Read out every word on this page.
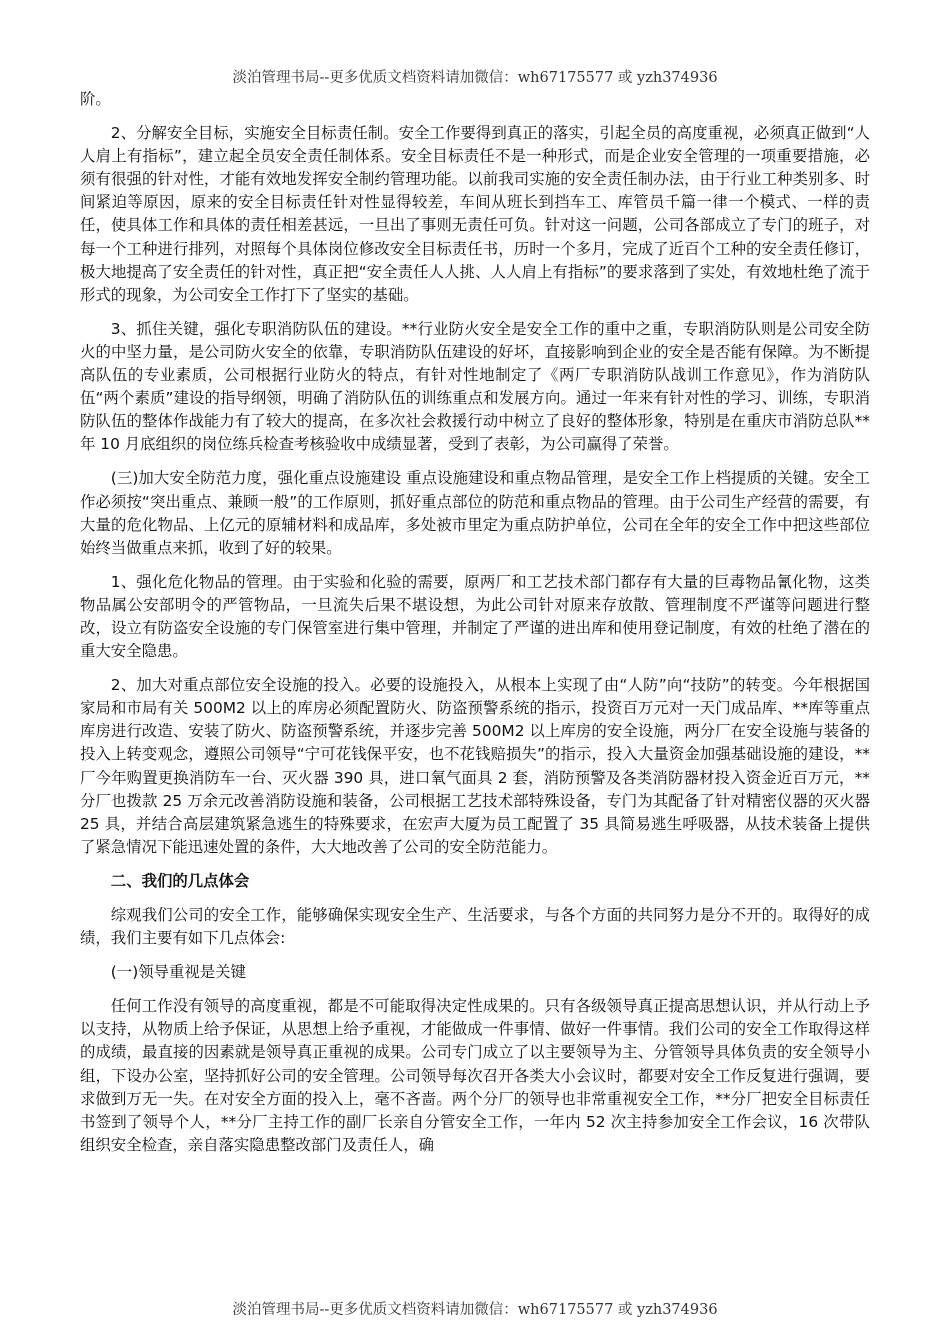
淡泊管理书局--更多优质文档资料请加微信：wh67175577 或 yzh374936

阶。

2、分解安全目标，实施安全目标责任制。安全工作要得到真正的落实，引起全员的高度重视，必须真正做到“人人肩上有指标”，建立起全员安全责任制体系。安全目标责任不是一种形式，而是企业安全管理的一项重要措施，必须有很强的针对性，才能有效地发挥安全制约管理功能。以前我司实施的安全责任制办法，由于行业工种类别多、时间紧迫等原因，原来的安全目标责任针对性显得较差，车间从班长到挡车工、库管员千篇一律一个模式、一样的责任，使具体工作和具体的责任相差甚远，一旦出了事则无责任可负。针对这一问题，公司各部成立了专门的班子，对每一个工种进行排列，对照每个具体岗位修改安全目标责任书，历时一个多月，完成了近百个工种的安全责任修订，极大地提高了安全责任的针对性，真正把“安全责任人人挑、人人肩上有指标”的要求落到了实处，有效地杜绝了流于形式的现象，为公司安全工作打下了坚实的基础。

3、抓住关键，强化专职消防队伍的建设。**行业防火安全是安全工作的重中之重，专职消防队则是公司安全防火的中坚力量，是公司防火安全的依靠，专职消防队伍建设的好坏，直接影响到企业的安全是否能有保障。为不断提高队伍的专业素质，公司根据行业防火的特点，有针对性地制定了《两厂专职消防队战训工作意见》，作为消防队伍“两个素质”建设的指导纲领，明确了消防队伍的训练重点和发展方向。通过一年来有针对性的学习、训练，专职消防队伍的整体作战能力有了较大的提高，在多次社会救援行动中树立了良好的整体形象，特别是在重庆市消防总队**年 10 月底组织的岗位练兵检查考核验收中成绩显著，受到了表彰，为公司赢得了荣誉。

(三)加大安全防范力度，强化重点设施建设 重点设施建设和重点物品管理，是安全工作上档提质的关键。安全工作必须按“突出重点、兼顾一般”的工作原则，抓好重点部位的防范和重点物品的管理。由于公司生产经营的需要，有大量的危化物品、上亿元的原辅材料和成品库，多处被市里定为重点防护单位，公司在全年的安全工作中把这些部位始终当做重点来抓，收到了好的较果。

1、强化危化物品的管理。由于实验和化验的需要，原两厂和工艺技术部门都存有大量的巨毒物品氰化物，这类物品属公安部明令的严管物品，一旦流失后果不堪设想，为此公司针对原来存放散、管理制度不严谨等问题进行整改，设立有防盗安全设施的专门保管室进行集中管理，并制定了严谨的进出库和使用登记制度，有效的杜绝了潜在的重大安全隐患。

2、加大对重点部位安全设施的投入。必要的设施投入，从根本上实现了由“人防”向“技防”的转变。今年根据国家局和市局有关 500M2 以上的库房必须配置防火、防盗预警系统的指示，投资百万元对一天门成品库、**库等重点库房进行改造、安装了防火、防盗预警系统，并逐步完善 500M2 以上库房的安全设施，两分厂在安全设施与装备的投入上转变观念，遵照公司领导“宁可花钱保平安，也不花钱赔损失”的指示，投入大量资金加强基础设施的建设，**厂今年购置更换消防车一台、灭火器 390 具，进口氧气面具 2 套，消防预警及各类消防器材投入资金近百万元，**分厂也拨款 25 万余元改善消防设施和装备，公司根据工艺技术部特殊设备，专门为其配备了针对精密仪器的灭火器 25 具，并结合高层建筑紧急逃生的特殊要求，在宏声大厦为员工配置了 35 具简易逃生呼吸器，从技术装备上提供了紧急情况下能迅速处置的条件，大大地改善了公司的安全防范能力。

二、我们的几点体会

综观我们公司的安全工作，能够确保实现安全生产、生活要求，与各个方面的共同努力是分不开的。取得好的成绩，我们主要有如下几点体会:

(一)领导重视是关键

任何工作没有领导的高度重视，都是不可能取得决定性成果的。只有各级领导真正提高思想认识，并从行动上予以支持，从物质上给予保证，从思想上给予重视，才能做成一件事情、做好一件事情。我们公司的安全工作取得这样的成绩，最直接的因素就是领导真正重视的成果。公司专门成立了以主要领导为主、分管领导具体负责的安全领导小组，下设办公室，坚持抓好公司的安全管理。公司领导每次召开各类大小会议时，都要对安全工作反复进行强调，要求做到万无一失。在对安全方面的投入上，毫不吝啬。两个分厂的领导也非常重视安全工作，**分厂把安全目标责任书签到了领导个人，**分厂主持工作的副厂长亲自分管安全工作，一年内 52 次主持参加安全工作会议，16 次带队组织安全检查，亲自落实隐患整改部门及责任人，确

淡泊管理书局--更多优质文档资料请加微信：wh67175577 或 yzh374936
